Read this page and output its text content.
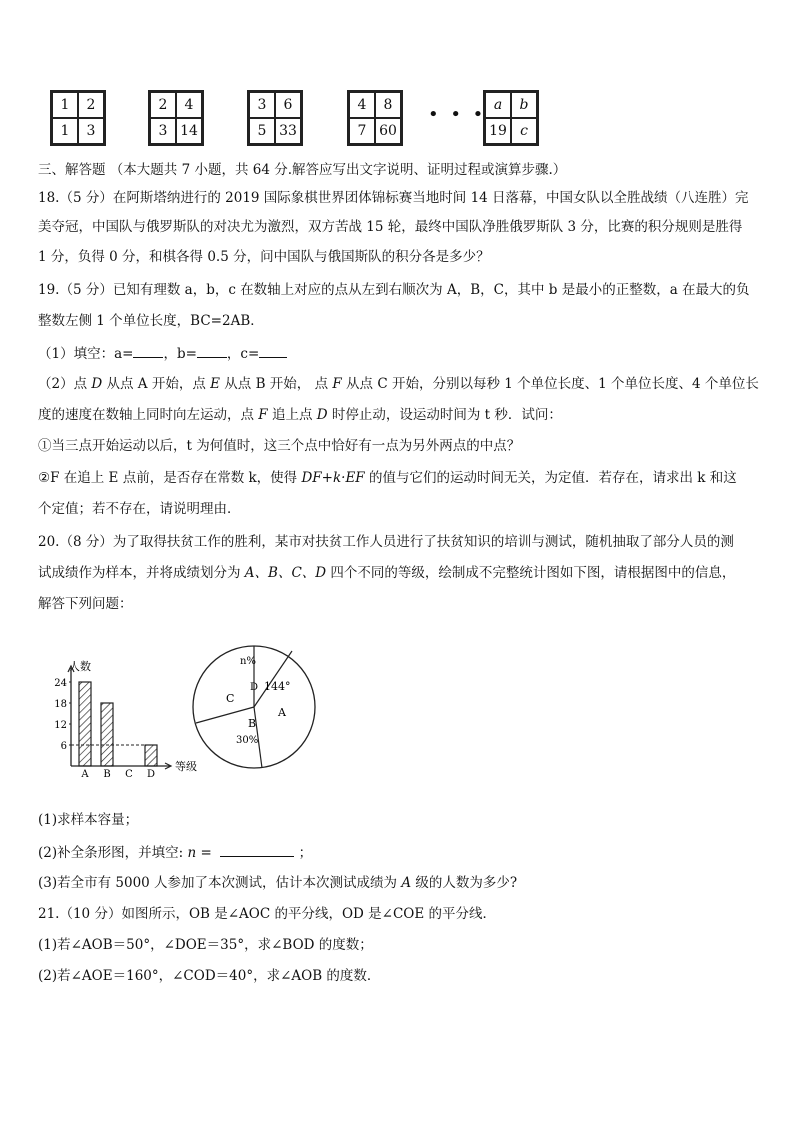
1	2
1	3
2	4
3 14
3	6
5 33
4	8
7 60
• • • a	b
19 c
三、解答题 （本大题共 7 小题，共 64 分.解答应写出文字说明、证明过程或演算步骤.）
18.（5 分）在阿斯塔纳进行的 2019 国际象棋世界团体锦标赛当地时间 14 日落幕，中国女队以全胜战绩（八连胜）完
美夺冠，中国队与俄罗斯队的对决尤为激烈，双方苦战 15 轮，最终中国队净胜俄罗斯队 3 分，比赛的积分规则是胜得
1 分，负得 0 分，和棋各得 0.5 分，问中国队与俄国斯队的积分各是多少？
19.（5 分）已知有理数 a，b，c 在数轴上对应的点从左到右顺次为 A，B，C，其中 b 是最小的正整数，a 在最大的负
整数左侧 1 个单位长度，BC=2AB．
（1）填空：a= ，b= ，c=
（2）点 D 从点 A 开始，点 E 从点 B 开始， 点 F 从点 C 开始，分别以每秒 1 个单位长度、1 个单位长度、4 个单位长
度的速度在数轴上同时向左运动，点 F 追上点 D 时停止动，设运动时间为 t 秒．试问：
①当三点开始运动以后，t 为何值时，这三个点中恰好有一点为另外两点的中点？
②F 在追上 E 点前，是否存在常数 k，使得 DF+k·EF 的值与它们的运动时间无关，为定值．若存在，请求出 k 和这
个定值；若不存在，请说明理由．
20.（8 分）为了取得扶贫工作的胜利，某市对扶贫工作人员进行了扶贫知识的培训与测试，随机抽取了部分人员的测
试成绩作为样本，并将成绩划分为 A、B、C、D 四个不同的等级，绘制成不完整统计图如下图，请根据图中的信息，
解答下列问题：
6
12
18
24
A B C D
人数
等级
n%
D 144°
A
C
B
30%
(1)求样本容量；
(2)补全条形图，并填空: n =	；
(3)若全市有 5000 人参加了本次测试，估计本次测试成绩为 A 级的人数为多少?
21.（10 分）如图所示，OB 是∠AOC 的平分线，OD 是∠COE 的平分线．
(1)若∠AOB＝50°，∠DOE＝35°，求∠BOD 的度数；
(2)若∠AOE＝160°，∠COD＝40°，求∠AOB 的度数．
